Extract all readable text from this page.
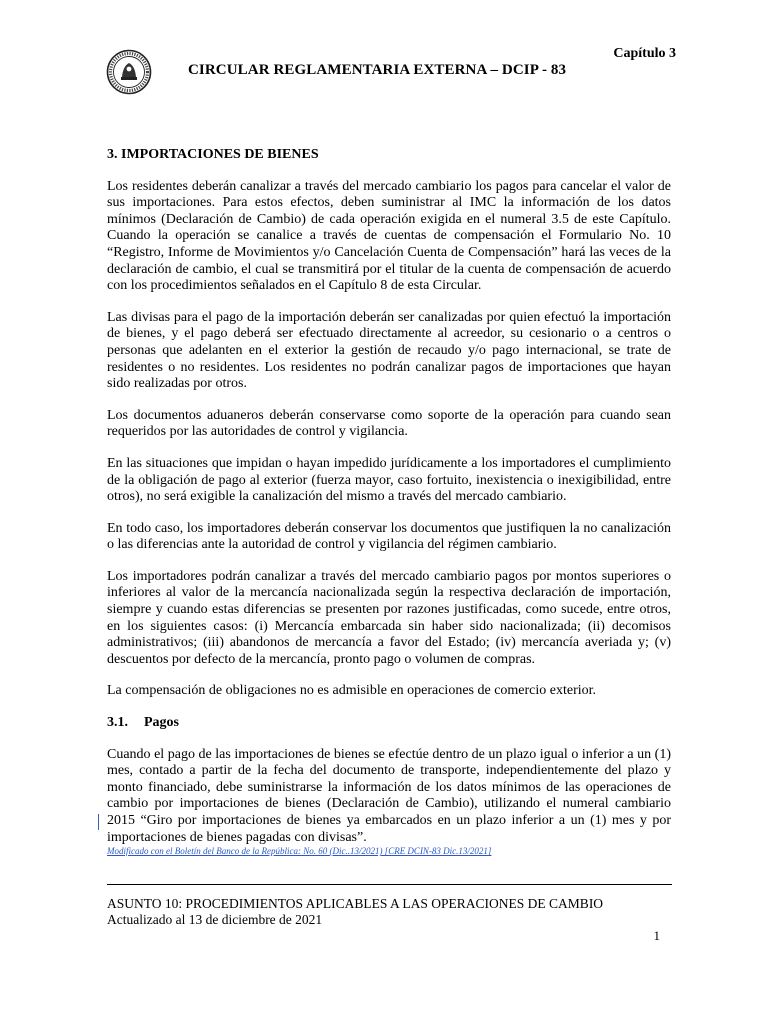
Capítulo 3
CIRCULAR REGLAMENTARIA EXTERNA – DCIP - 83

3. IMPORTACIONES DE BIENES

Los residentes deberán canalizar a través del mercado cambiario los pagos para cancelar el valor de sus importaciones. Para estos efectos, deben suministrar al IMC la información de los datos mínimos (Declaración de Cambio) de cada operación exigida en el numeral 3.5 de este Capítulo. Cuando la operación se canalice a través de cuentas de compensación el Formulario No. 10 “Registro, Informe de Movimientos y/o Cancelación Cuenta de Compensación” hará las veces de la declaración de cambio, el cual se transmitirá por el titular de la cuenta de compensación de acuerdo con los procedimientos señalados en el Capítulo 8 de esta Circular.

Las divisas para el pago de la importación deberán ser canalizadas por quien efectuó la importación de bienes, y el pago deberá ser efectuado directamente al acreedor, su cesionario o a centros o personas que adelanten en el exterior la gestión de recaudo y/o pago internacional, se trate de residentes o no residentes. Los residentes no podrán canalizar pagos de importaciones que hayan sido realizadas por otros.

Los documentos aduaneros deberán conservarse como soporte de la operación para cuando sean requeridos por las autoridades de control y vigilancia.

En las situaciones que impidan o hayan impedido jurídicamente a los importadores el cumplimiento de la obligación de pago al exterior (fuerza mayor, caso fortuito, inexistencia o inexigibilidad, entre otros), no será exigible la canalización del mismo a través del mercado cambiario.

En todo caso, los importadores deberán conservar los documentos que justifiquen la no canalización o las diferencias ante la autoridad de control y vigilancia del régimen cambiario.

Los importadores podrán canalizar a través del mercado cambiario pagos por montos superiores o inferiores al valor de la mercancía nacionalizada según la respectiva declaración de importación, siempre y cuando estas diferencias se presenten por razones justificadas, como sucede, entre otros, en los siguientes casos: (i) Mercancía embarcada sin haber sido nacionalizada; (ii) decomisos administrativos; (iii) abandonos de mercancía a favor del Estado; (iv) mercancía averiada y; (v) descuentos por defecto de la mercancía, pronto pago o volumen de compras.

La compensación de obligaciones no es admisible en operaciones de comercio exterior.

3.1. Pagos

Cuando el pago de las importaciones de bienes se efectúe dentro de un plazo igual o inferior a un (1) mes, contado a partir de la fecha del documento de transporte, independientemente del plazo y monto financiado, debe suministrarse la información de los datos mínimos de las operaciones de cambio por importaciones de bienes (Declaración de Cambio), utilizando el numeral cambiario 2015 “Giro por importaciones de bienes ya embarcados en un plazo inferior a un (1) mes y por importaciones de bienes pagadas con divisas”.

Modificado con el Boletín del Banco de la República: No. 60 (Dic..13/2021) [CRE DCIN-83 Dic.13/2021]
ASUNTO 10: PROCEDIMIENTOS APLICABLES A LAS OPERACIONES DE CAMBIO
Actualizado al 13 de diciembre de 2021
1
